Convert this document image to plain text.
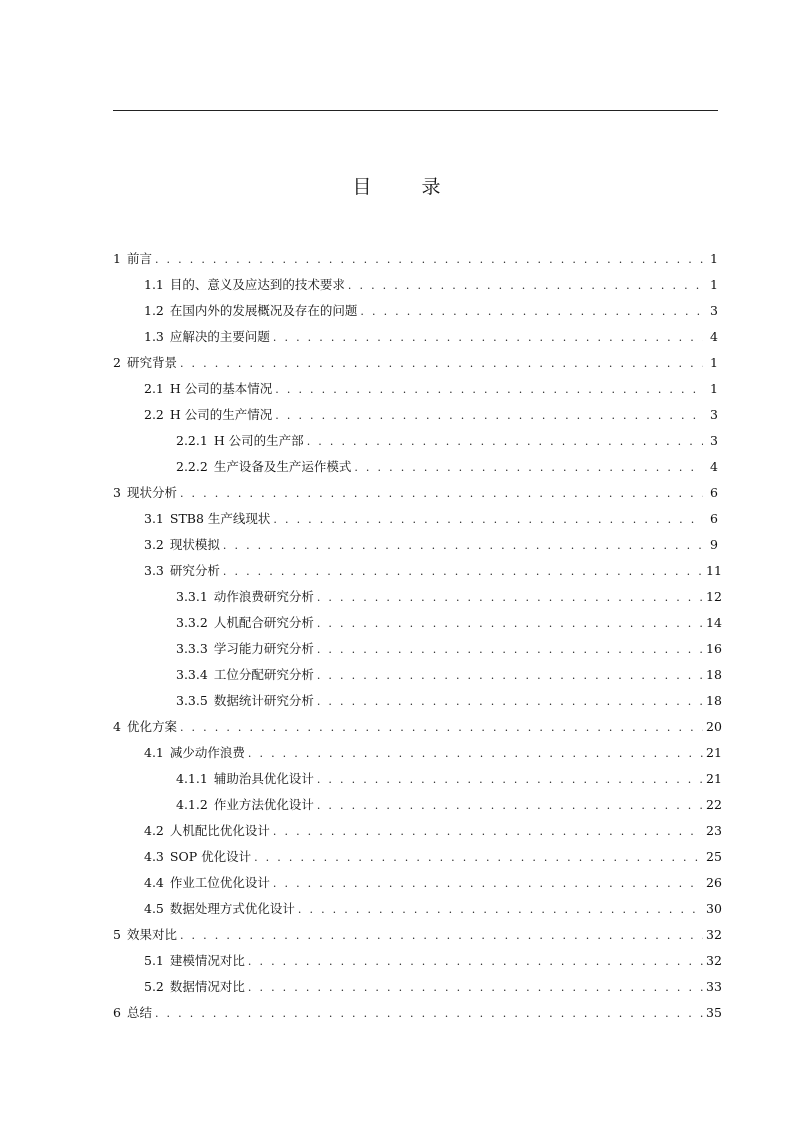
目 录
1 前言 . . .	1
1.1 目的、意义及应达到的技术要求 . . .	1
1.2 在国内外的发展概况及存在的问题 . . .	3
1.3 应解决的主要问题 . . .	4
2 研究背景 . . .	1
2.1 H 公司的基本情况 . . .	1
2.2 H 公司的生产情况 . . .	3
2.2.1 H 公司的生产部 . . .	3
2.2.2 生产设备及生产运作模式 . . .	4
3 现状分析 . . .	6
3.1 STB8 生产线现状 . . .	6
3.2 现状模拟 . . .	9
3.3 研究分析 . . .	11
3.3.1 动作浪费研究分析 . . .	12
3.3.2 人机配合研究分析 . . .	14
3.3.3 学习能力研究分析 . . .	16
3.3.4 工位分配研究分析 . . .	18
3.3.5 数据统计研究分析 . . .	18
4 优化方案 . . .	20
4.1 减少动作浪费 . . .	21
4.1.1 辅助治具优化设计 . . .	21
4.1.2 作业方法优化设计 . . .	22
4.2 人机配比优化设计 . . .	23
4.3 SOP 优化设计 . . .	25
4.4 作业工位优化设计 . . .	26
4.5 数据处理方式优化设计 . . .	30
5 效果对比 . . .	32
5.1 建模情况对比 . . .	32
5.2 数据情况对比 . . .	33
6 总结 . . .	35
